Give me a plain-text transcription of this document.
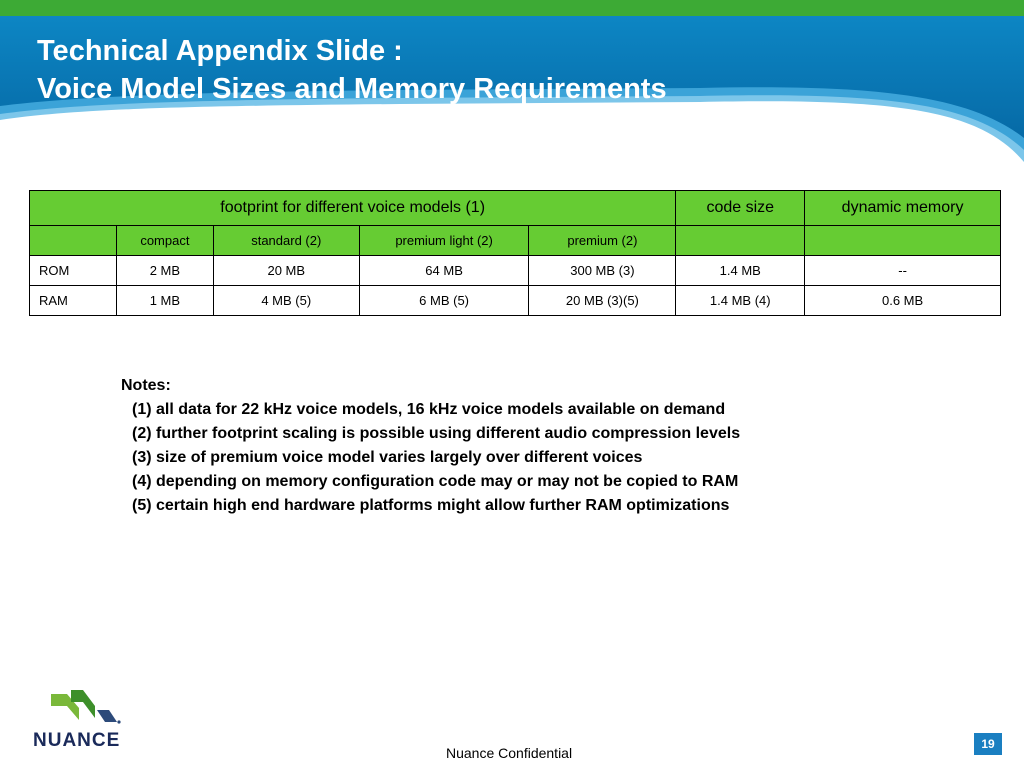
Technical Appendix Slide :
Voice Model Sizes and Memory Requirements
footprint for different voice models (1)					code size	dynamic memory
	compact	standard (2)	premium light (2)	premium (2)		
ROM	2 MB	20 MB	64 MB	300 MB (3)	1.4 MB	--
RAM	1 MB	4 MB (5)	6 MB (5)	20 MB (3)(5)	1.4 MB (4)	0.6 MB
Notes:
(1) all data for 22 kHz voice models, 16 kHz voice models available on demand
(2) further footprint scaling is possible using different audio compression levels
(3) size of premium voice model varies largely over different voices
(4) depending on memory configuration code may or may not be copied to RAM
(5) certain high end hardware platforms might allow further RAM optimizations
NUANCE
Nuance Confidential
19
